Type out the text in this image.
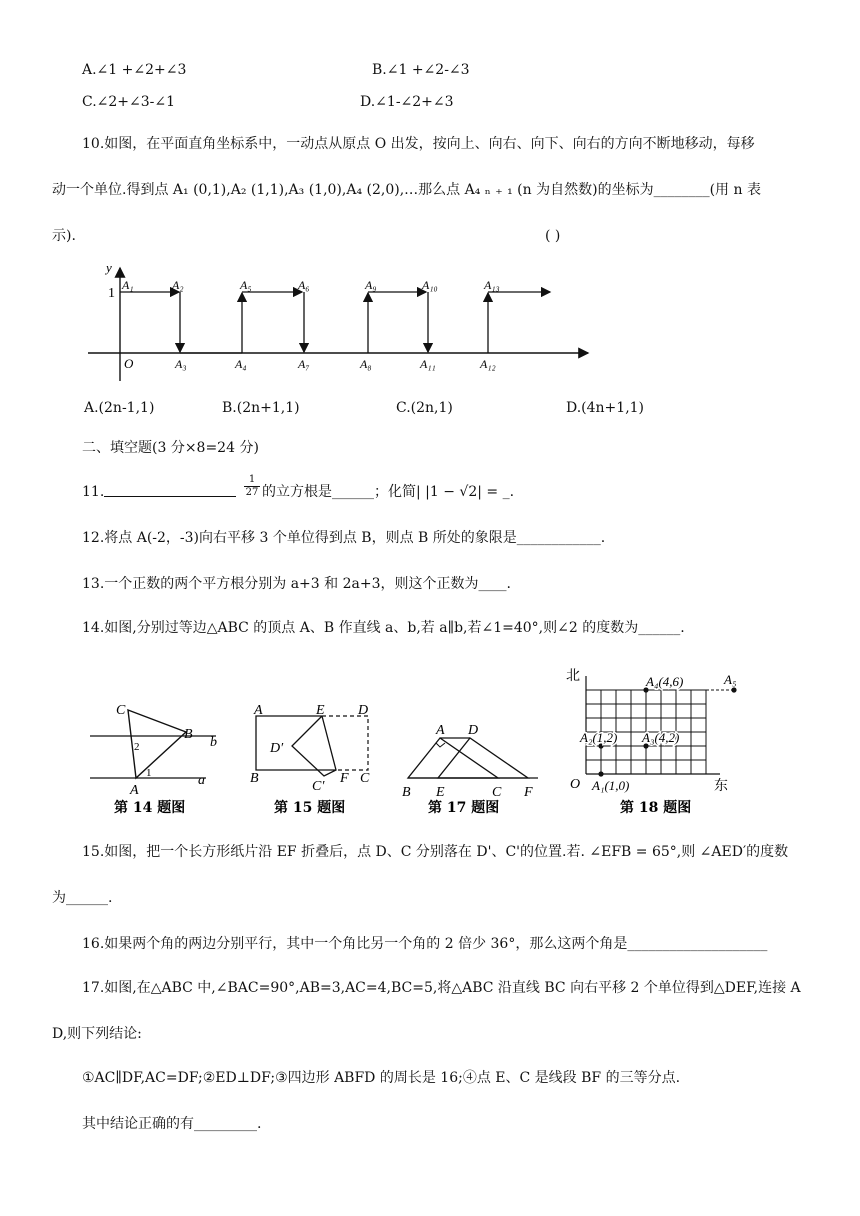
A.∠1 +∠2+∠3	B.∠1 +∠2-∠3
C.∠2+∠3-∠1	D.∠1-∠2+∠3
10.如图，在平面直角坐标系中，一动点从原点 O 出发，按向上、向右、向下、向右的方向不断地移动，每移
动一个单位.得到点 A₁ (0,1),A₂ (1,1),A₃ (1,0),A₄ (2,0),…那么点 A₄ ₙ ₊ ₁ (n 为自然数)的坐标为________(用 n 表
示).	( )
y
1
O
A₁	A₂
A₃	A₄
A₅	A₆
A₇	A₈
A₉	A₁₀
A₁₁	A₁₂
A₁₃
A.(2n-1,1)	B.(2n+1,1)	C.(2n,1)	D.(4n+1,1)
二、填空题(3 分×8=24 分)
11.	$\frac{1}{27}$ 的立方根是______；化简| |1 − √2| = _.
12.将点 A(-2，-3)向右平移 3 个单位得到点 B，则点 B 所处的象限是____________.
13.一个正数的两个平方根分别为 a+3 和 2a+3，则这个正数为____.
14.如图,分别过等边△ABC 的顶点 A、B 作直线 a、b,若 a∥b,若∠1=40°,则∠2 的度数为______.
C
B
b
2
1
A
a
第 14 题图
A	E D
D′
B
C′
F C
第 15 题图
A D
B E	C F
第 17 题图
北
东
O A₁(1,0)
A₂(1,2) A₃(4,2)
A₄(4,6)	A₅
第 18 题图
15.如图，把一个长方形纸片沿 EF 折叠后，点 D、C 分别落在 D'、C'的位置.若. ∠EFB = 65°,则 ∠AED′的度数
为______.
16.如果两个角的两边分别平行，其中一个角比另一个角的 2 倍少 36°，那么这两个角是____________________
17.如图,在△ABC 中,∠BAC=90°,AB=3,AC=4,BC=5,将△ABC 沿直线 BC 向右平移 2 个单位得到△DEF,连接 A
D,则下列结论:
①AC∥DF,AC=DF;②ED⊥DF;③四边形 ABFD 的周长是 16;④点 E、C 是线段 BF 的三等分点.
其中结论正确的有_________.
